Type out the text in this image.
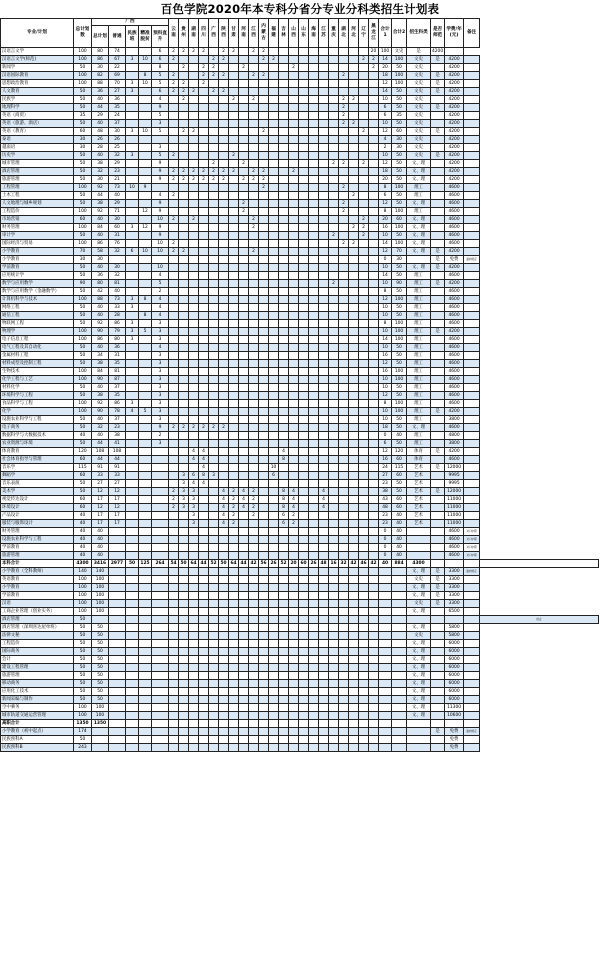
百色学院2020年本专科分省分专业分科类招生计划表
专业/计划	总计划数	广西					云南	贵州	湖南	四川	广西	陕西	甘肃	河南	江西	内蒙古	福建	吉林	山西	山东	海南	江苏	重庆	湖北	河北	辽宁	黑龙江	合计1	合计2	招生科类	是否师范	学费/年(元)	备注	
		总计划	普通	民族班	精准脱贫	预科直升																												
汉语言文学	100	80	74			6	2	2	2	2		2	2		2	2											20	100	文史	是	4200			
汉语言文学(师范)	100	86	67	3	10	6	2				2	2				2	2									2	2	14	100	文史	是	4200		
新闻学	50	30	22			8		2		2	2			2					2								2	20	50	文史		4200		
汉语国际教育	100	82	69		8	5	2			2	2	2			2	2								2				18	100	文史	是	4200		
思想政治教育	100	88	70	3	10	5	2	2		2																		12	100	文史	是	4200		
人文教育	50	36	27	3		6	2	2	2		2	2																14	50	文史	是	4200		
民族学	50	40	36			4		2					2		2									2	2			10	50	文史		4200		
地理科学	50	44	35			9																		2				6	50	文史	是	4200		
英语（商贸）	35	29	24			5																		2				6	35	文史		4200		
英语（旅游、酒店）	50	40	37			3																		2	2			10	50	文史		4200		
英语（教育）	60	48	30	3	10	5		2	2							2										2		12	60	文史	是	4200		
泰语	30	26	26																									4	30	文史		4200		
越南语	30	28	25			3																						2	30	文史		4200		
历史学	50	40	32	3		5	2						2															10	50	文史	是	4200		
城市管理	50	38	29			9					2			2									2	2		2		12	50	文、理		4200		
酒店管理	50	32	23			9	2	2	2	2	2	2	2		2	2			2									18	50	文、理		4200		
旅游管理	50	30	21			9	2	2	2	2	2	2		2	2	2												20	50	文、理		4200		
工程管理	100	92	73	10	9											2								2				8	100	理工		4600		
土木工程	50	44	40			4	2																		2			6	50	理工		4600		
人文地理与城乡规划	50	38	29			9								2										2				12	50	文、理		4600		
工程造价	100	92	71		12	9								2										2				8	100	理工		4600		
市场营销	60	40	30			10	2		2						2											2		20	60	文、理		4600		
财务管理	100	84	60	3	12	9									2										2	2		16	100	文、理		4600		
审计学	50	40	31			9																	2			2		10	50	文、理		4600		
国际经济与贸易	100	86	76			10	2																	2	2			14	100	文、理		4600		
小学教育	70	58	32	6	10	10	2	2							2													12	70	文、理	是	4200		
小学教育	30	30																										0	30		是	免费	面向特定	
学前教育	50	40	30			10																						10	50	文、理	是	4200		
应用统计学	50	36	32			4																						14	50	理工		4600		
数学与应用数学	90	80	81			5																	2					10	90	理工	是	4200		
数学与应用数学（金融数学）	50	42	40			2																						8	50	理工		4600		
计算机科学与技术	100	88	73	3	8	4																						12	100	理工		4600		
网络工程	50	40	33	3		4																						10	50	理工		4600		
通信工程	50	40	28		8	4																						10	50	理工		4600		
物联网工程	50	92	86	3		3																						8	100	理工		4600		
物理学	100	90	79	3	5	3																						10	100	理工	是	4200		
电子信息工程	100	86	80	3		3																						14	100	理工		4600		
电气工程及其自动化	50	40	36			4																						10	50	理工		4600		
金属材料工程	50	34	31			3																						16	50	理工		4600		
材料成型及控制工程	50	38	35			3																						12	50	理工		4600		
生物技术	100	84	81			3																						16	100	理工		4600		
化学工程与工艺	100	90	87			3																						10	100	理工		4600		
材料化学	50	40	37			3																						10	50	理工		4600		
环境科学与工程	50	38	35			3																						12	50	理工		4600		
食品科学与工程	100	92	86	3		3																						8	100	理工		4600		
化学	100	90	78	4	5	3																						10	100	理工	是	4200		
设施农业科学与工程	50	40	37			3																						10	50	理工		3800		
电子商务	50	32	23			9	2	2	2	2	2	2																18	50	文、理		4600		
数据科学与大数据技术	40	40	38			2																						0	40	理工		4800		
农业资源与环境	50	44	41			3																						6	50	理工		3800		
体育教育	120	108	108						4	4								4										12	120	体育	是	4200		
社会体育指导与管理	60	44	44						4	4								8										16	60	体育		4600		
音乐学	115	91	91							4							10											24	115	艺术	是	12000		
舞蹈学	60	33	33					3	6	8	3						6											27	60	艺术		9995		
音乐表演	50	27	27					3	4	4																		23	50	艺术		9995		
美术学	50	12	12				2	3	3			4	2	4	2			8	4			4						38	50	艺术	是	12000		
视觉传达设计	60	17	17				2	3	3			4	2	4	2			8	4			4						43	60	艺术		11000		
环境设计	60	12	12				2	3	3			4	2	4	2			8	4			4						48	60	艺术		11000		
产品设计	40	17	17						3			4	2		2			6	2									23	40	艺术		11000		
服装与服饰设计	40	17	17						3			4	2					6	2									23	40	艺术		11000		
财务管理	40	40																										0	40			4600	对口中职	
设施农业科学与工程	40	40																										0	40			4600	对口中职	
学前教育	40	40																										0	40			4600	对口中职	
旅游管理	40	40																										0	40			4600	对口中职	
本科合计	4300	3416	2977	50	125	264	54	50	64	44	52	50	64	44	42	56	26	52	20	60	26	48	16	32	42	46	42	40	884	4300				
小学教育（全科教师）	140	140																												文、理	是	3300	面向特定	
英语教育	100	100																												文史	是	3300		
小学教育	100	100																												文、理	是	3300		
学前教育	100	100																												文、理	是	3300		
汉语	100	100																												文史	是	3300		
工商企业管理（创业实务）	100	100																												文、理		6500		
酒店管理	50																																	校企
酒店管理（深圳喜达屋单班）	50	50																												文、理		5800		
法律文秘	50	50																												文史		5800		
工程造价	50	50																												文、理		6000		
国际商务	50	50																												文、理		6000		
会计	50	50																												文、理		6000		
建设工程管理	50	50																												文、理		6000		
旅游管理	50	50																												文、理		6000		
移动商务	50	50																												文、理		6000		
应用化工技术	50	50																												文、理		6000		
新闻采编与制作	50	50																												文、理		6000		
空中乘务	100	100																												文、理		11300		
城市轨道交通运营管理	100	100																												文、理		10600		
高职合计	1350	1350																																
小学教育（初中起点）	174																														是	免费	面向特定	
民族预科A	50																															免费		
民族预科B	243																															免费		
